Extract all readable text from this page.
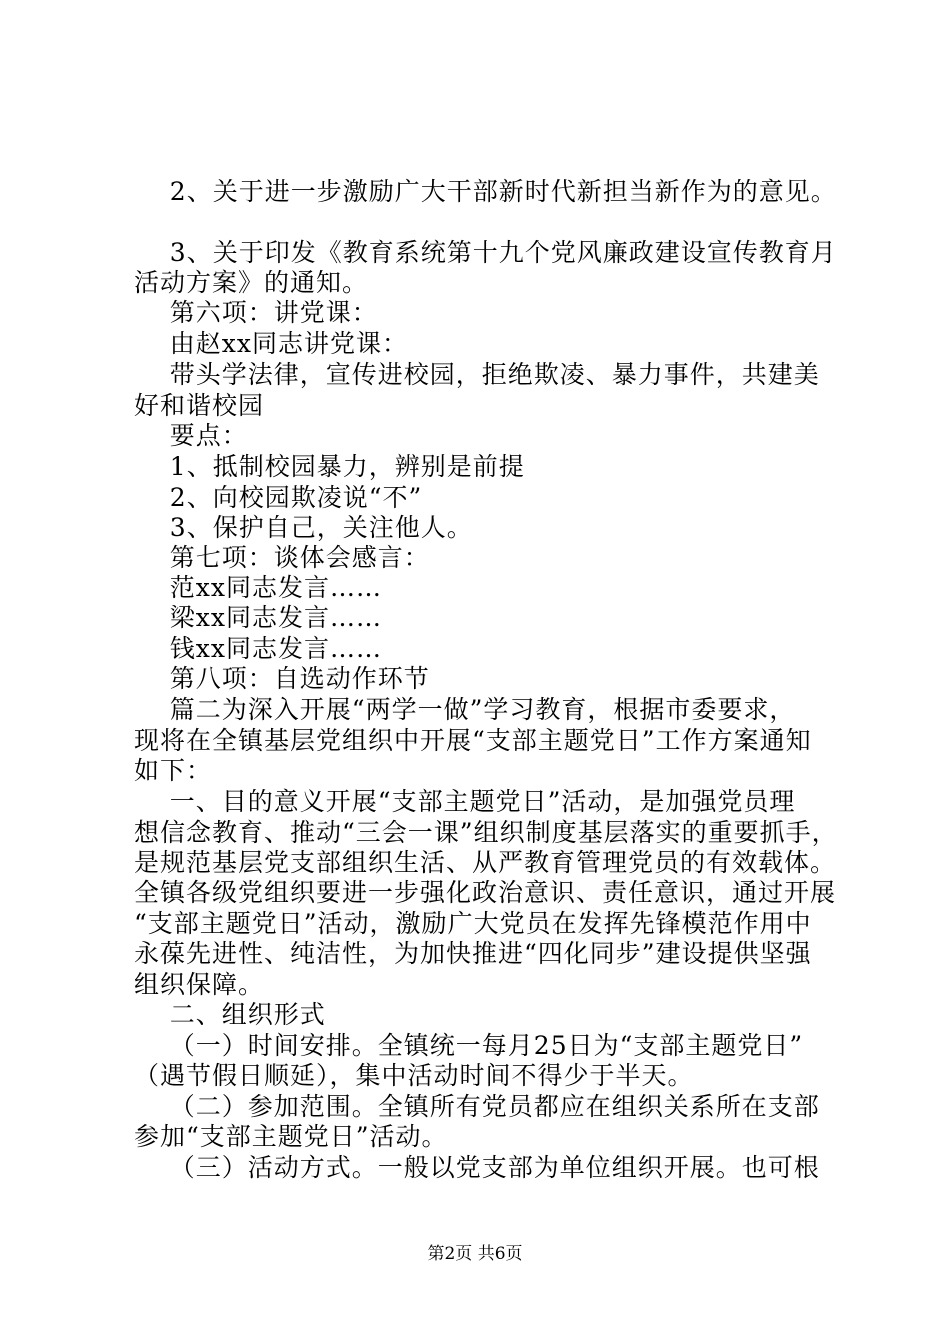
2、关于进一步激励广大干部新时代新担当新作为的意见。
3、关于印发《教育系统第十九个党风廉政建设宣传教育月
活动方案》的通知。
第六项：讲党课：
由赵xx同志讲党课：
带头学法律，宣传进校园，拒绝欺凌、暴力事件，共建美
好和谐校园
要点：
1、抵制校园暴力，辨别是前提
2、向校园欺凌说“不”
3、保护自己，关注他人。
第七项：谈体会感言：
范xx同志发言……
梁xx同志发言……
钱xx同志发言……
第八项：自选动作环节
篇二为深入开展“两学一做”学习教育，根据市委要求，
现将在全镇基层党组织中开展“支部主题党日”工作方案通知
如下：
一、目的意义开展“支部主题党日”活动，是加强党员理
想信念教育、推动“三会一课”组织制度基层落实的重要抓手，
是规范基层党支部组织生活、从严教育管理党员的有效载体。
全镇各级党组织要进一步强化政治意识、责任意识，通过开展
“支部主题党日”活动，激励广大党员在发挥先锋模范作用中
永葆先进性、纯洁性，为加快推进“四化同步”建设提供坚强
组织保障。
二、组织形式
（一）时间安排。全镇统一每月25日为“支部主题党日”
（遇节假日顺延），集中活动时间不得少于半天。
（二）参加范围。全镇所有党员都应在组织关系所在支部
参加“支部主题党日”活动。
（三）活动方式。一般以党支部为单位组织开展。也可根
第2页 共6页
